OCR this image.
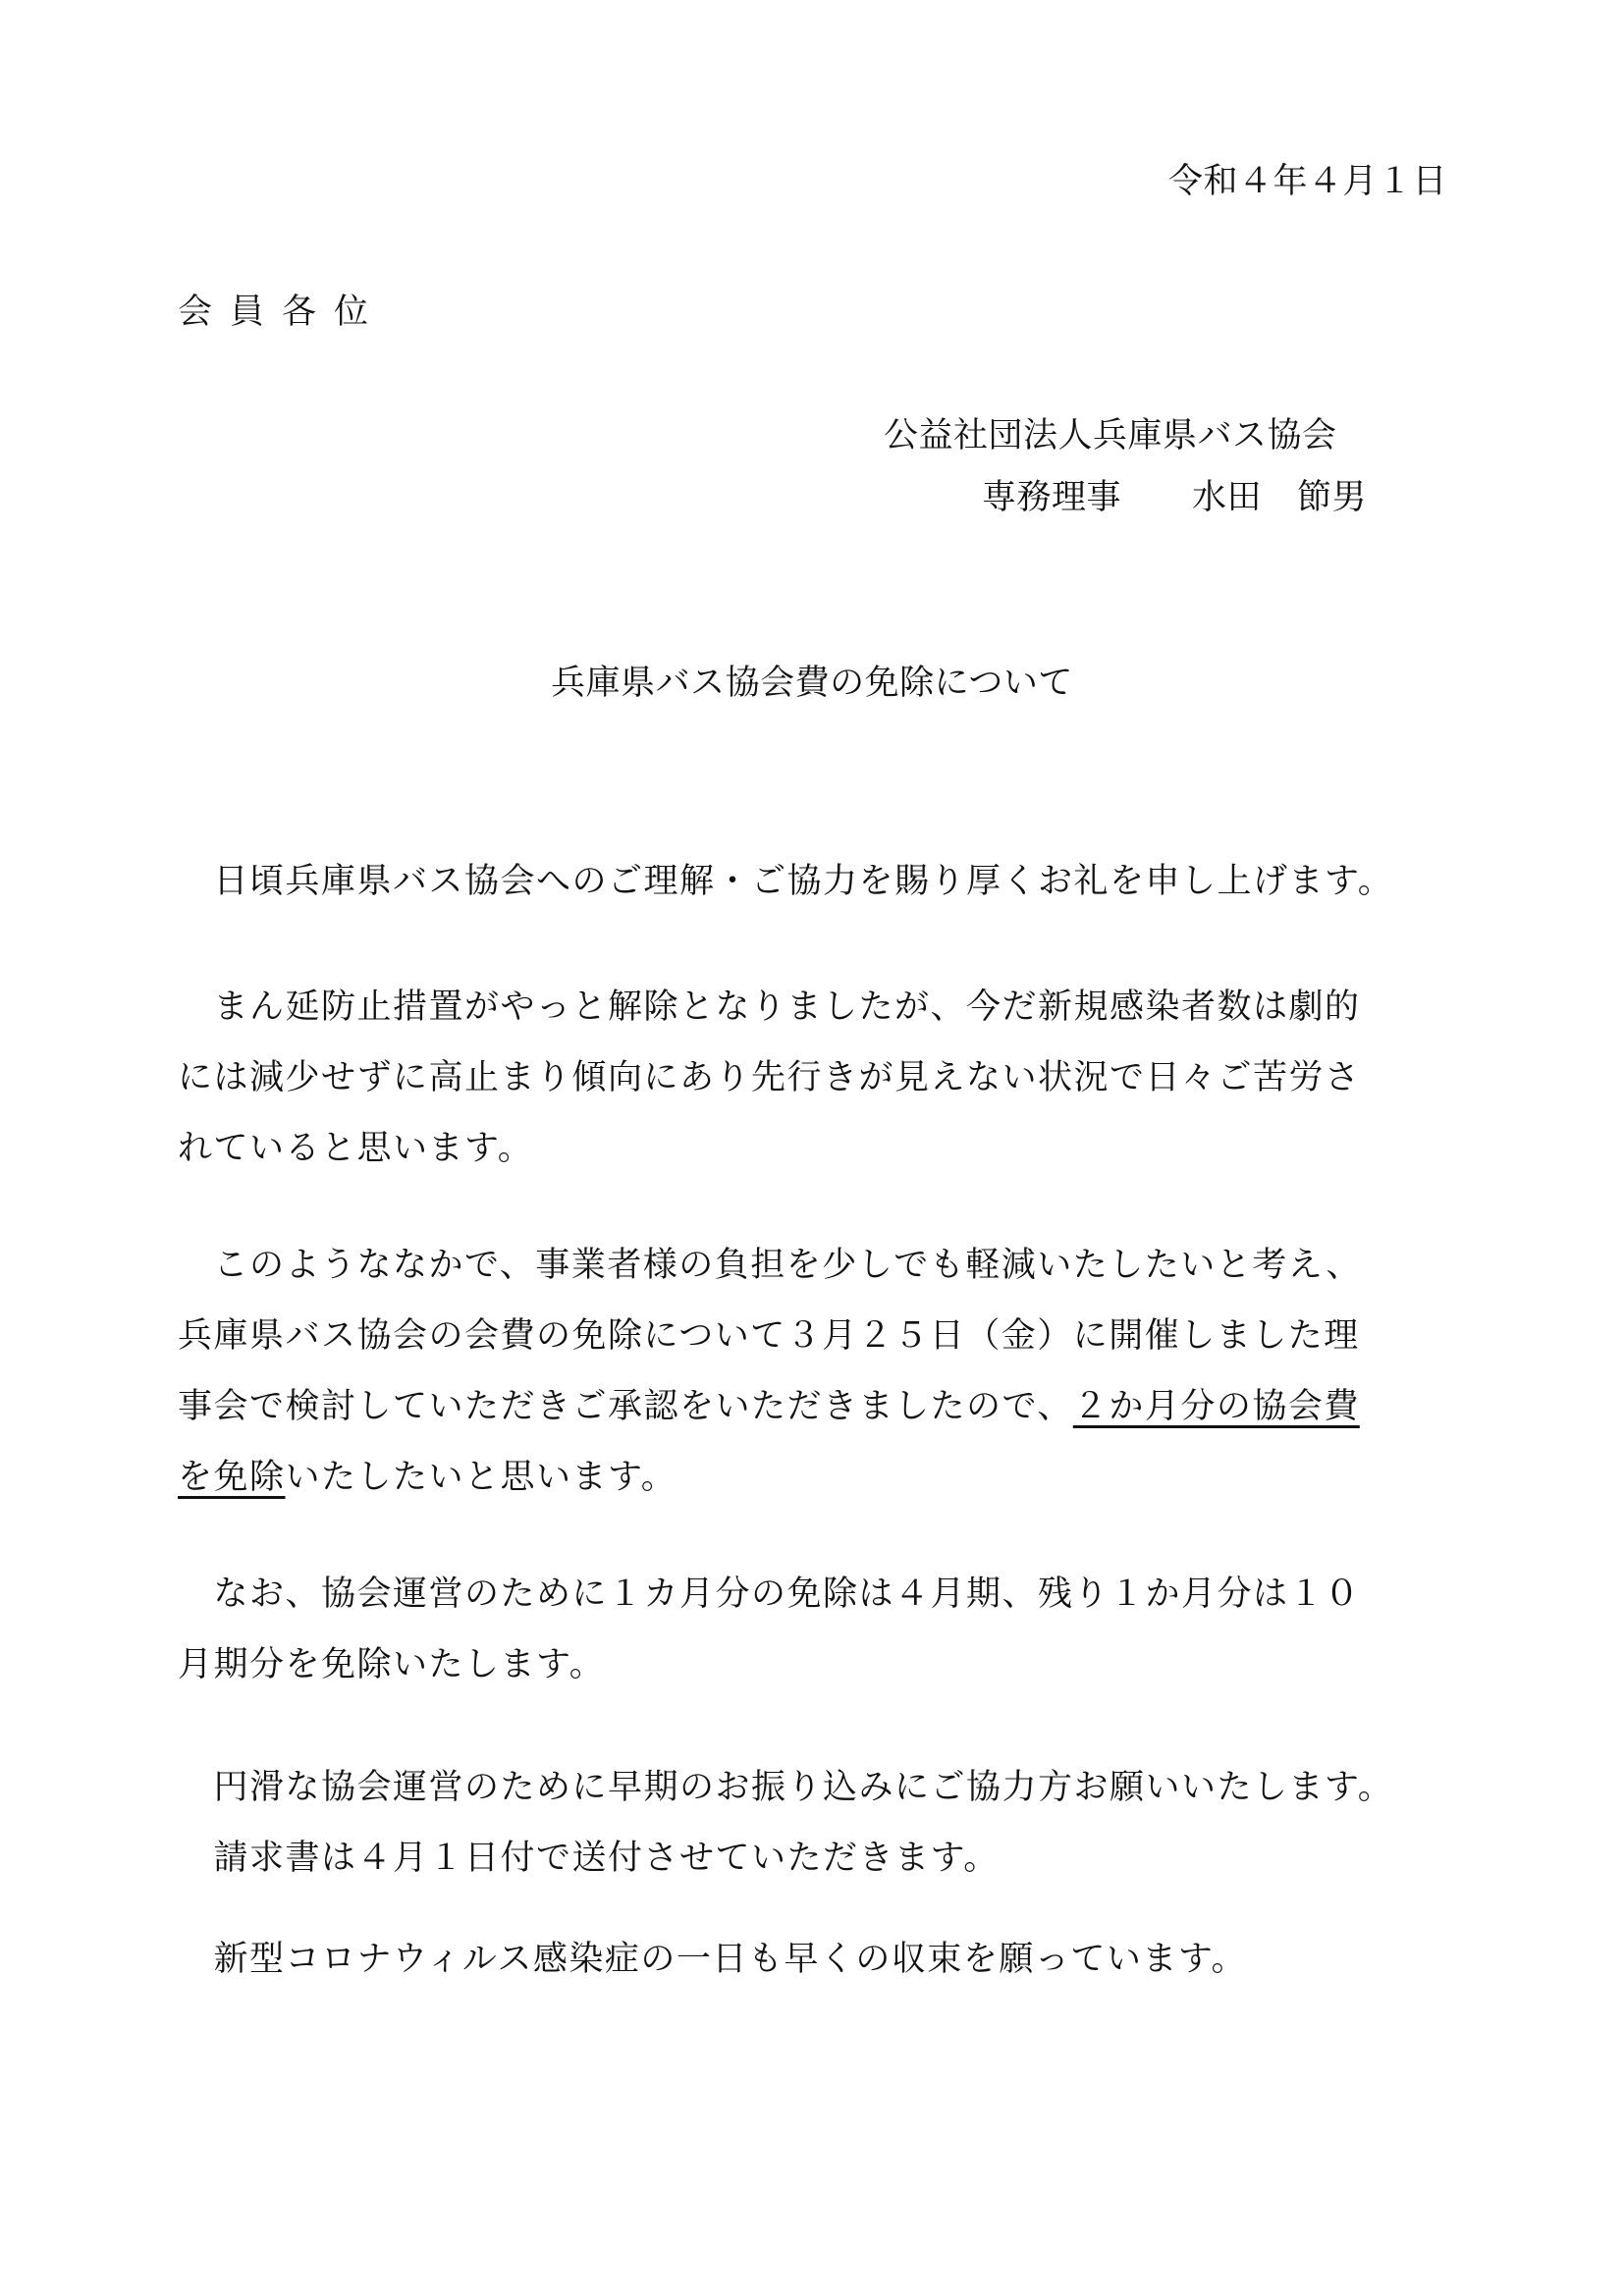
令和４年４月１日
会員各位
公益社団法人兵庫県バス協会
専務理事 水田 節男
兵庫県バス協会費の免除について
　日頃兵庫県バス協会へのご理解・ご協力を賜り厚くお礼を申し上げます。
　まん延防止措置がやっと解除となりましたが、今だ新規感染者数は劇的
には減少せずに高止まり傾向にあり先行きが見えない状況で日々ご苦労さ
れていると思います。
　このようななかで、事業者様の負担を少しでも軽減いたしたいと考え、
兵庫県バス協会の会費の免除について３月２５日（金）に開催しました理
事会で検討していただきご承認をいただきましたので、２か月分の協会費
を免除いたしたいと思います。
　なお、協会運営のために１カ月分の免除は４月期、残り１か月分は１０
月期分を免除いたします。
　円滑な協会運営のために早期のお振り込みにご協力方お願いいたします。
　請求書は４月１日付で送付させていただきます。
　新型コロナウィルス感染症の一日も早くの収束を願っています。
